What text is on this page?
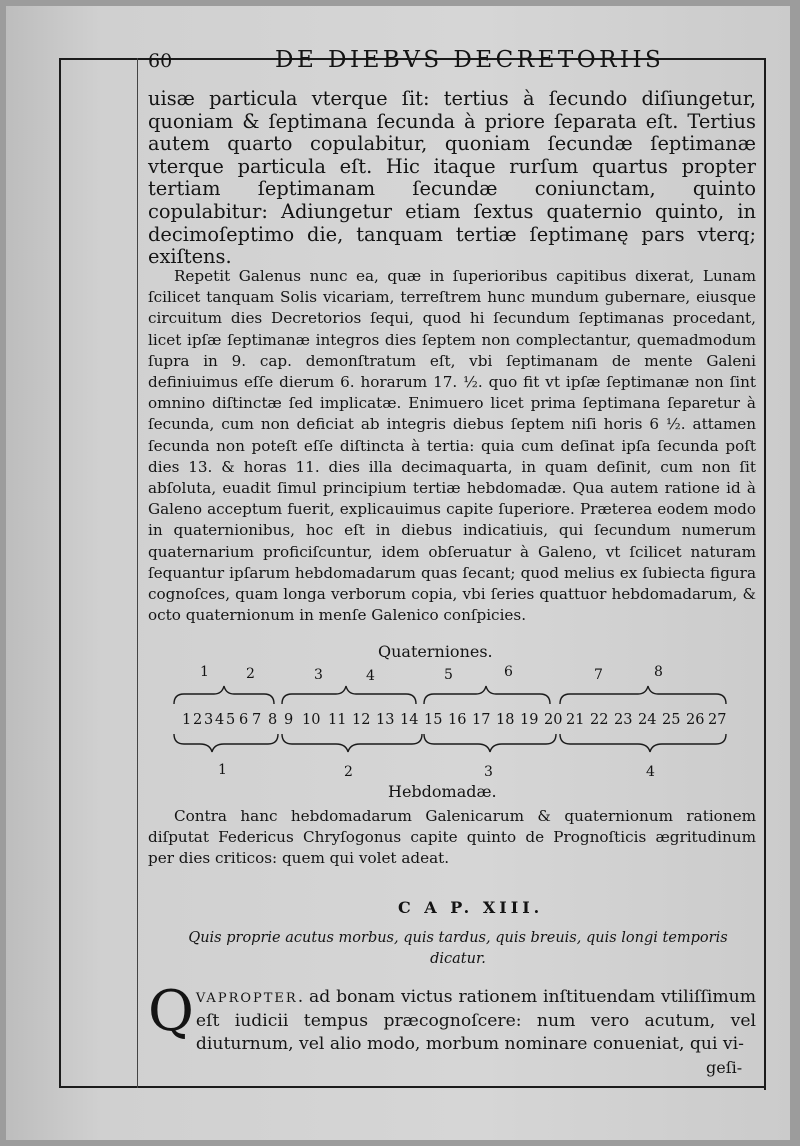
60	DE DIEBVS DECRETORIIS

uisæ particula vterque ſit: tertius à ſecundo diſiungetur, quoniam & ſeptimana ſecunda à priore ſeparata eſt. Tertius autem quarto copulabitur, quoniam ſecundæ ſeptimanæ vterque particula eſt. Hic itaque rurſum quartus propter tertiam ſeptimanam ſecundæ coniunctam, quinto copulabitur: Adiungetur etiam ſextus quaternio quinto, in decimoſeptimo die, tanquam tertiæ ſeptimanę pars vterq; exiſtens.

Repetit Galenus nunc ea, quæ in ſuperioribus capitibus dixerat, Lunam ſcilicet tanquam Solis vicariam, terreſtrem hunc mundum gubernare, eiusque circuitum dies Decretorios ſequi, quod hi ſecundum ſeptimanas procedant, licet ipſæ ſeptimanæ integros dies ſeptem non complectantur, quemadmodum ſupra in 9. cap. demonſtratum eſt, vbi ſeptimanam de mente Galeni definiuimus eſſe dierum 6. horarum 17. ½. quo fit vt ipſæ ſeptimanæ non ſint omnino diſtinctæ ſed implicatæ. Enimuero licet prima ſeptimana ſeparetur à ſecunda, cum non deficiat ab integris diebus ſeptem niſi horis 6 ½. attamen ſecunda non poteſt eſſe diſtincta à tertia: quia cum deſinat ipſa ſecunda poſt dies 13. & horas 11. dies illa decimaquarta, in quam deſinit, cum non ſit abſoluta, euadit ſimul principium tertiæ hebdomadæ. Qua autem ratione id à Galeno acceptum fuerit, explicauimus capite ſuperiore. Præterea eodem modo in quaternionibus, hoc eſt in diebus indicatiuis, qui ſecundum numerum quaternarium proficiſcuntur, idem obſeruatur à Galeno, vt ſcilicet naturam ſequantur ipſarum hebdomadarum quas ſecant; quod melius ex ſubiecta figura cognoſces, quam longa verborum copia, vbi ſeries quattuor hebdomadarum, & octo quaternionum in menſe Galenico conſpicies.

Quaterniones.
1	2	3	4	5	6	7	8
1 2 3 4 5 6 7 8 9 10 11 12 13 14 15 16 17 18 19 20 21 22 23 24 25 26 27
1	2	3	4
Hebdomadæ.

Contra hanc hebdomadarum Galenicarum & quaternionum rationem diſputat Federicus Chryſogonus capite quinto de Prognoſticis ægritudinum per dies criticos: quem qui volet adeat.

C A P. XIII.
Quis proprie acutus morbus, quis tardus, quis breuis, quis longi temporis dicatur.
Q VAPROPTER. ad bonam victus rationem inſtituendam vtiliſſimum eſt iudicii tempus præcognoſcere: num vero acutum, vel diuturnum, vel alio modo, morbum nominare conueniat, qui vi-
geſi-
